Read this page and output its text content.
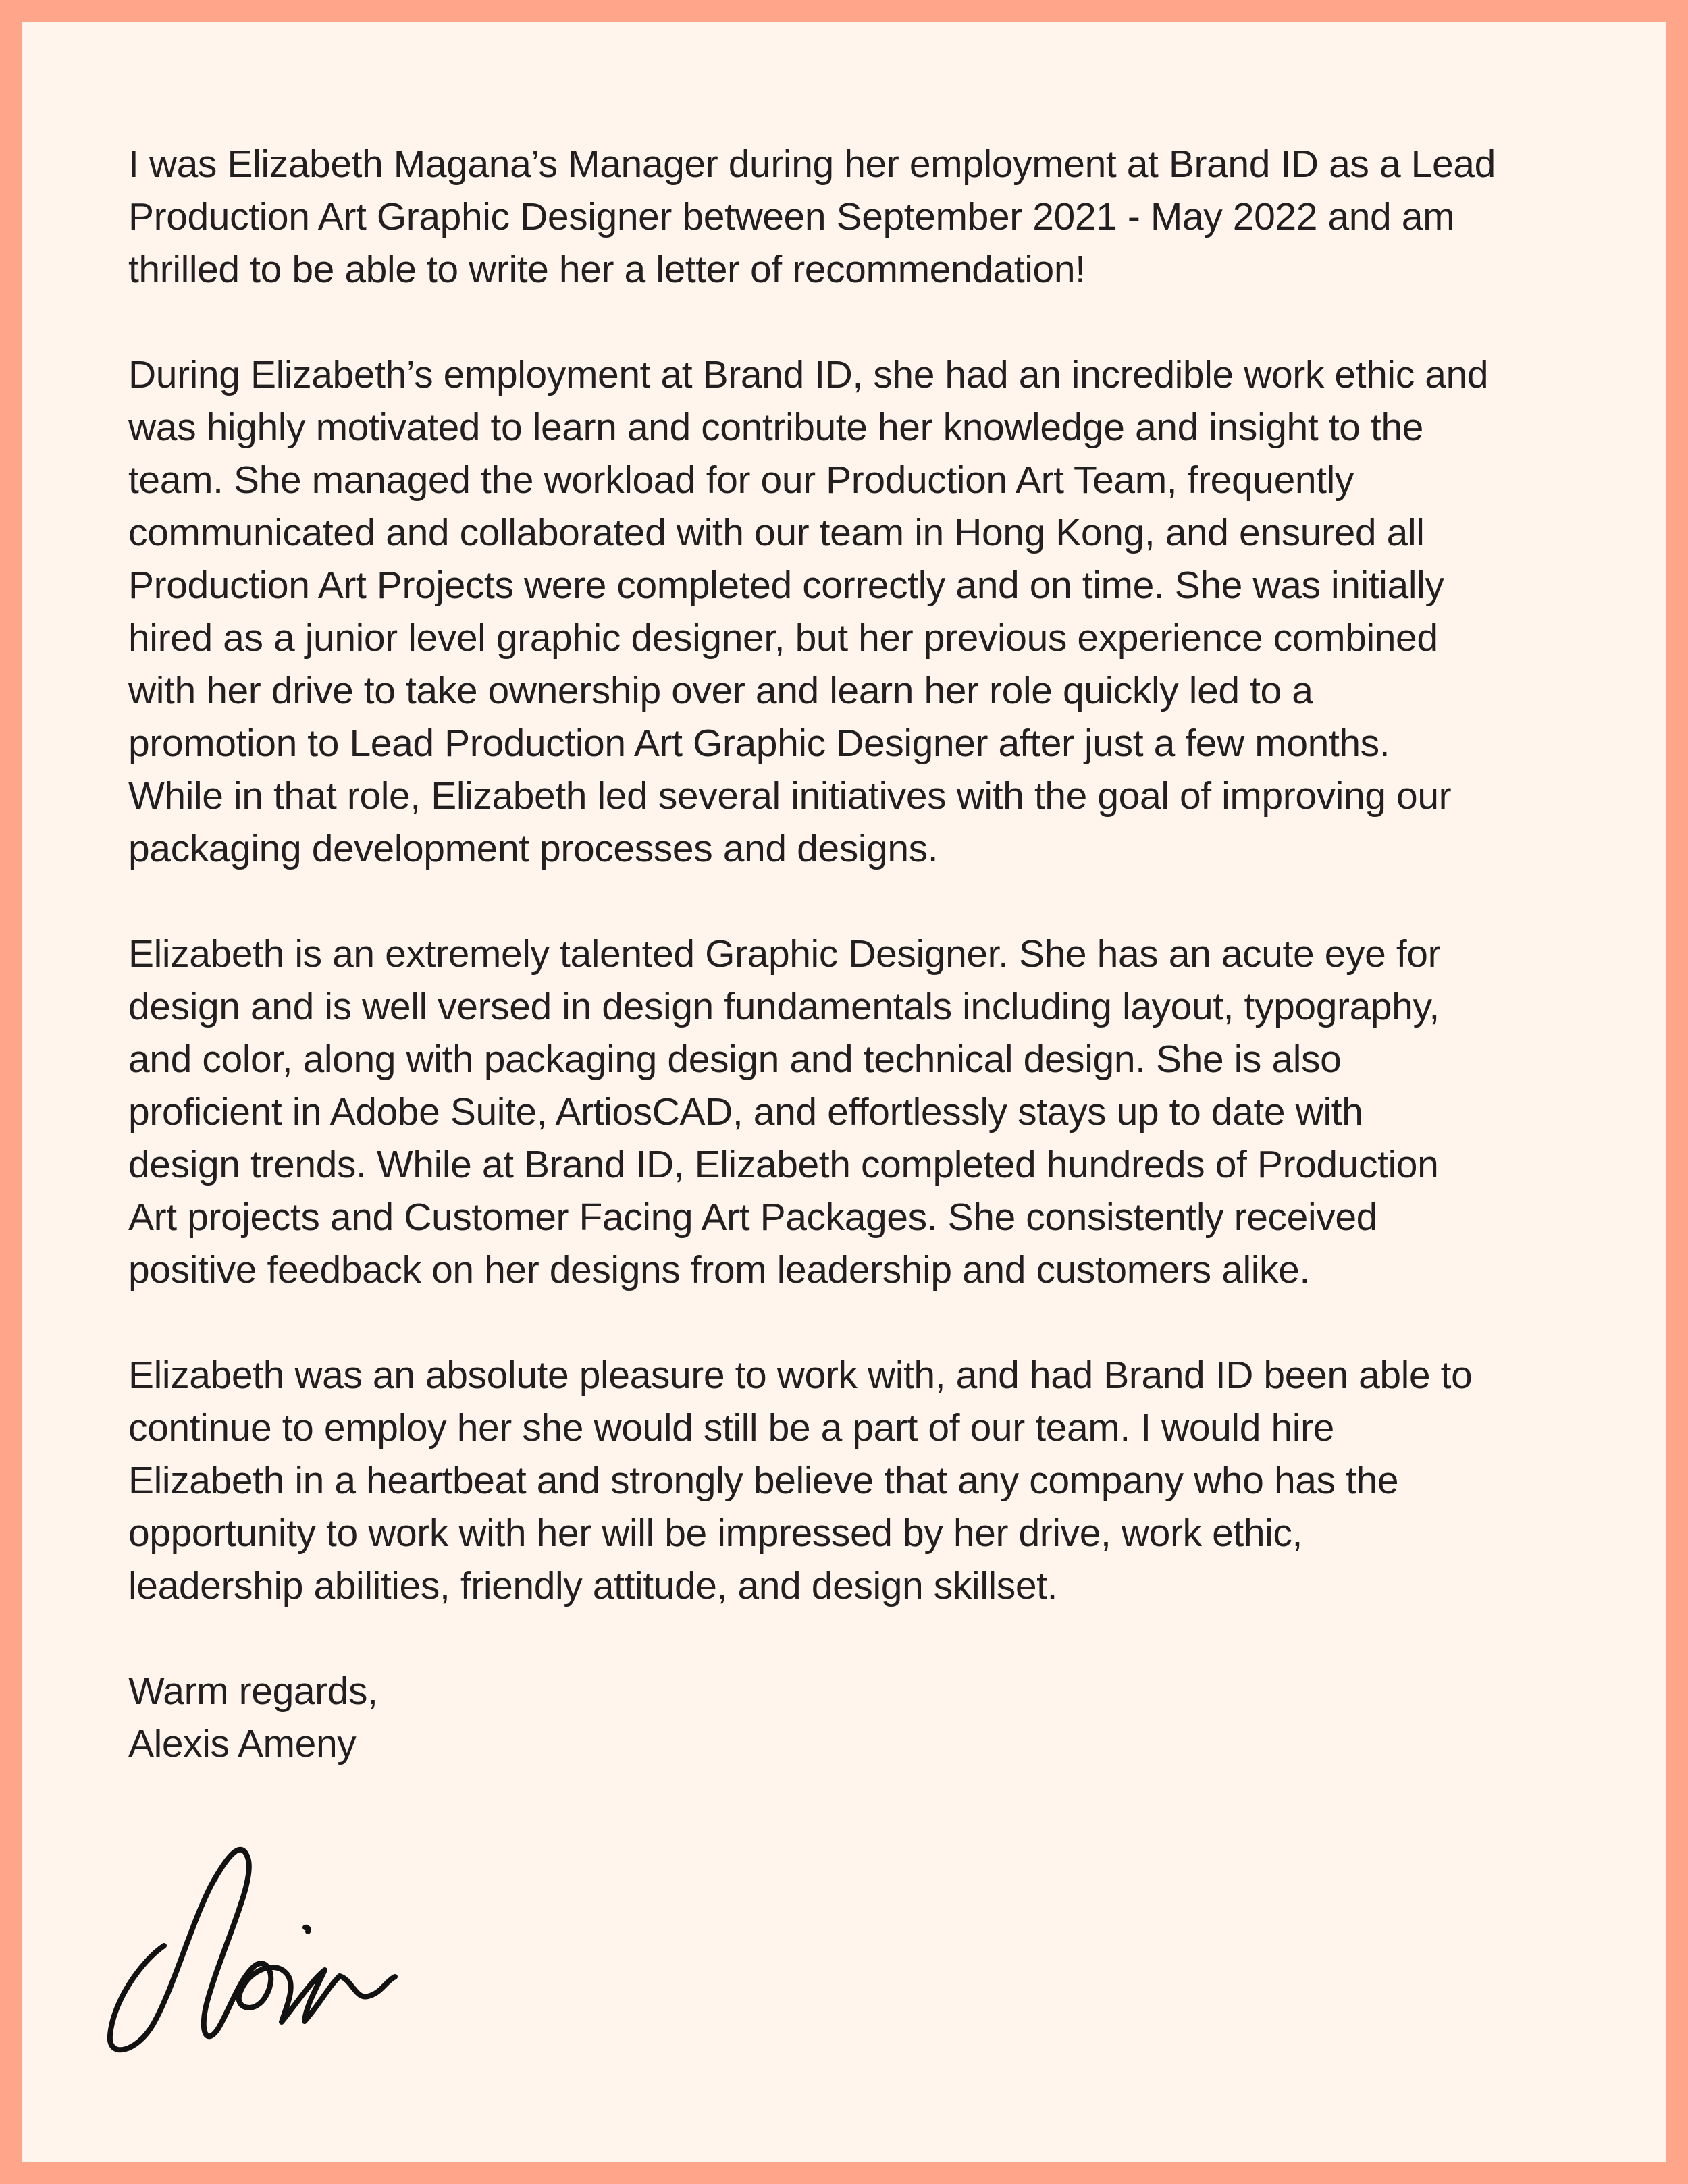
I was Elizabeth Magana’s Manager during her employment at Brand ID as a Lead
Production Art Graphic Designer between September 2021 - May 2022 and am
thrilled to be able to write her a letter of recommendation!

During Elizabeth’s employment at Brand ID, she had an incredible work ethic and
was highly motivated to learn and contribute her knowledge and insight to the
team. She managed the workload for our Production Art Team, frequently
communicated and collaborated with our team in Hong Kong, and ensured all
Production Art Projects were completed correctly and on time. She was initially
hired as a junior level graphic designer, but her previous experience combined
with her drive to take ownership over and learn her role quickly led to a
promotion to Lead Production Art Graphic Designer after just a few months.
While in that role, Elizabeth led several initiatives with the goal of improving our
packaging development processes and designs.

Elizabeth is an extremely talented Graphic Designer. She has an acute eye for
design and is well versed in design fundamentals including layout, typography,
and color, along with packaging design and technical design. She is also
proficient in Adobe Suite, ArtiosCAD, and effortlessly stays up to date with
design trends. While at Brand ID, Elizabeth completed hundreds of Production
Art projects and Customer Facing Art Packages. She consistently received
positive feedback on her designs from leadership and customers alike.

Elizabeth was an absolute pleasure to work with, and had Brand ID been able to
continue to employ her she would still be a part of our team. I would hire
Elizabeth in a heartbeat and strongly believe that any company who has the
opportunity to work with her will be impressed by her drive, work ethic,
leadership abilities, friendly attitude, and design skillset.

Warm regards,

Alexis Ameny
